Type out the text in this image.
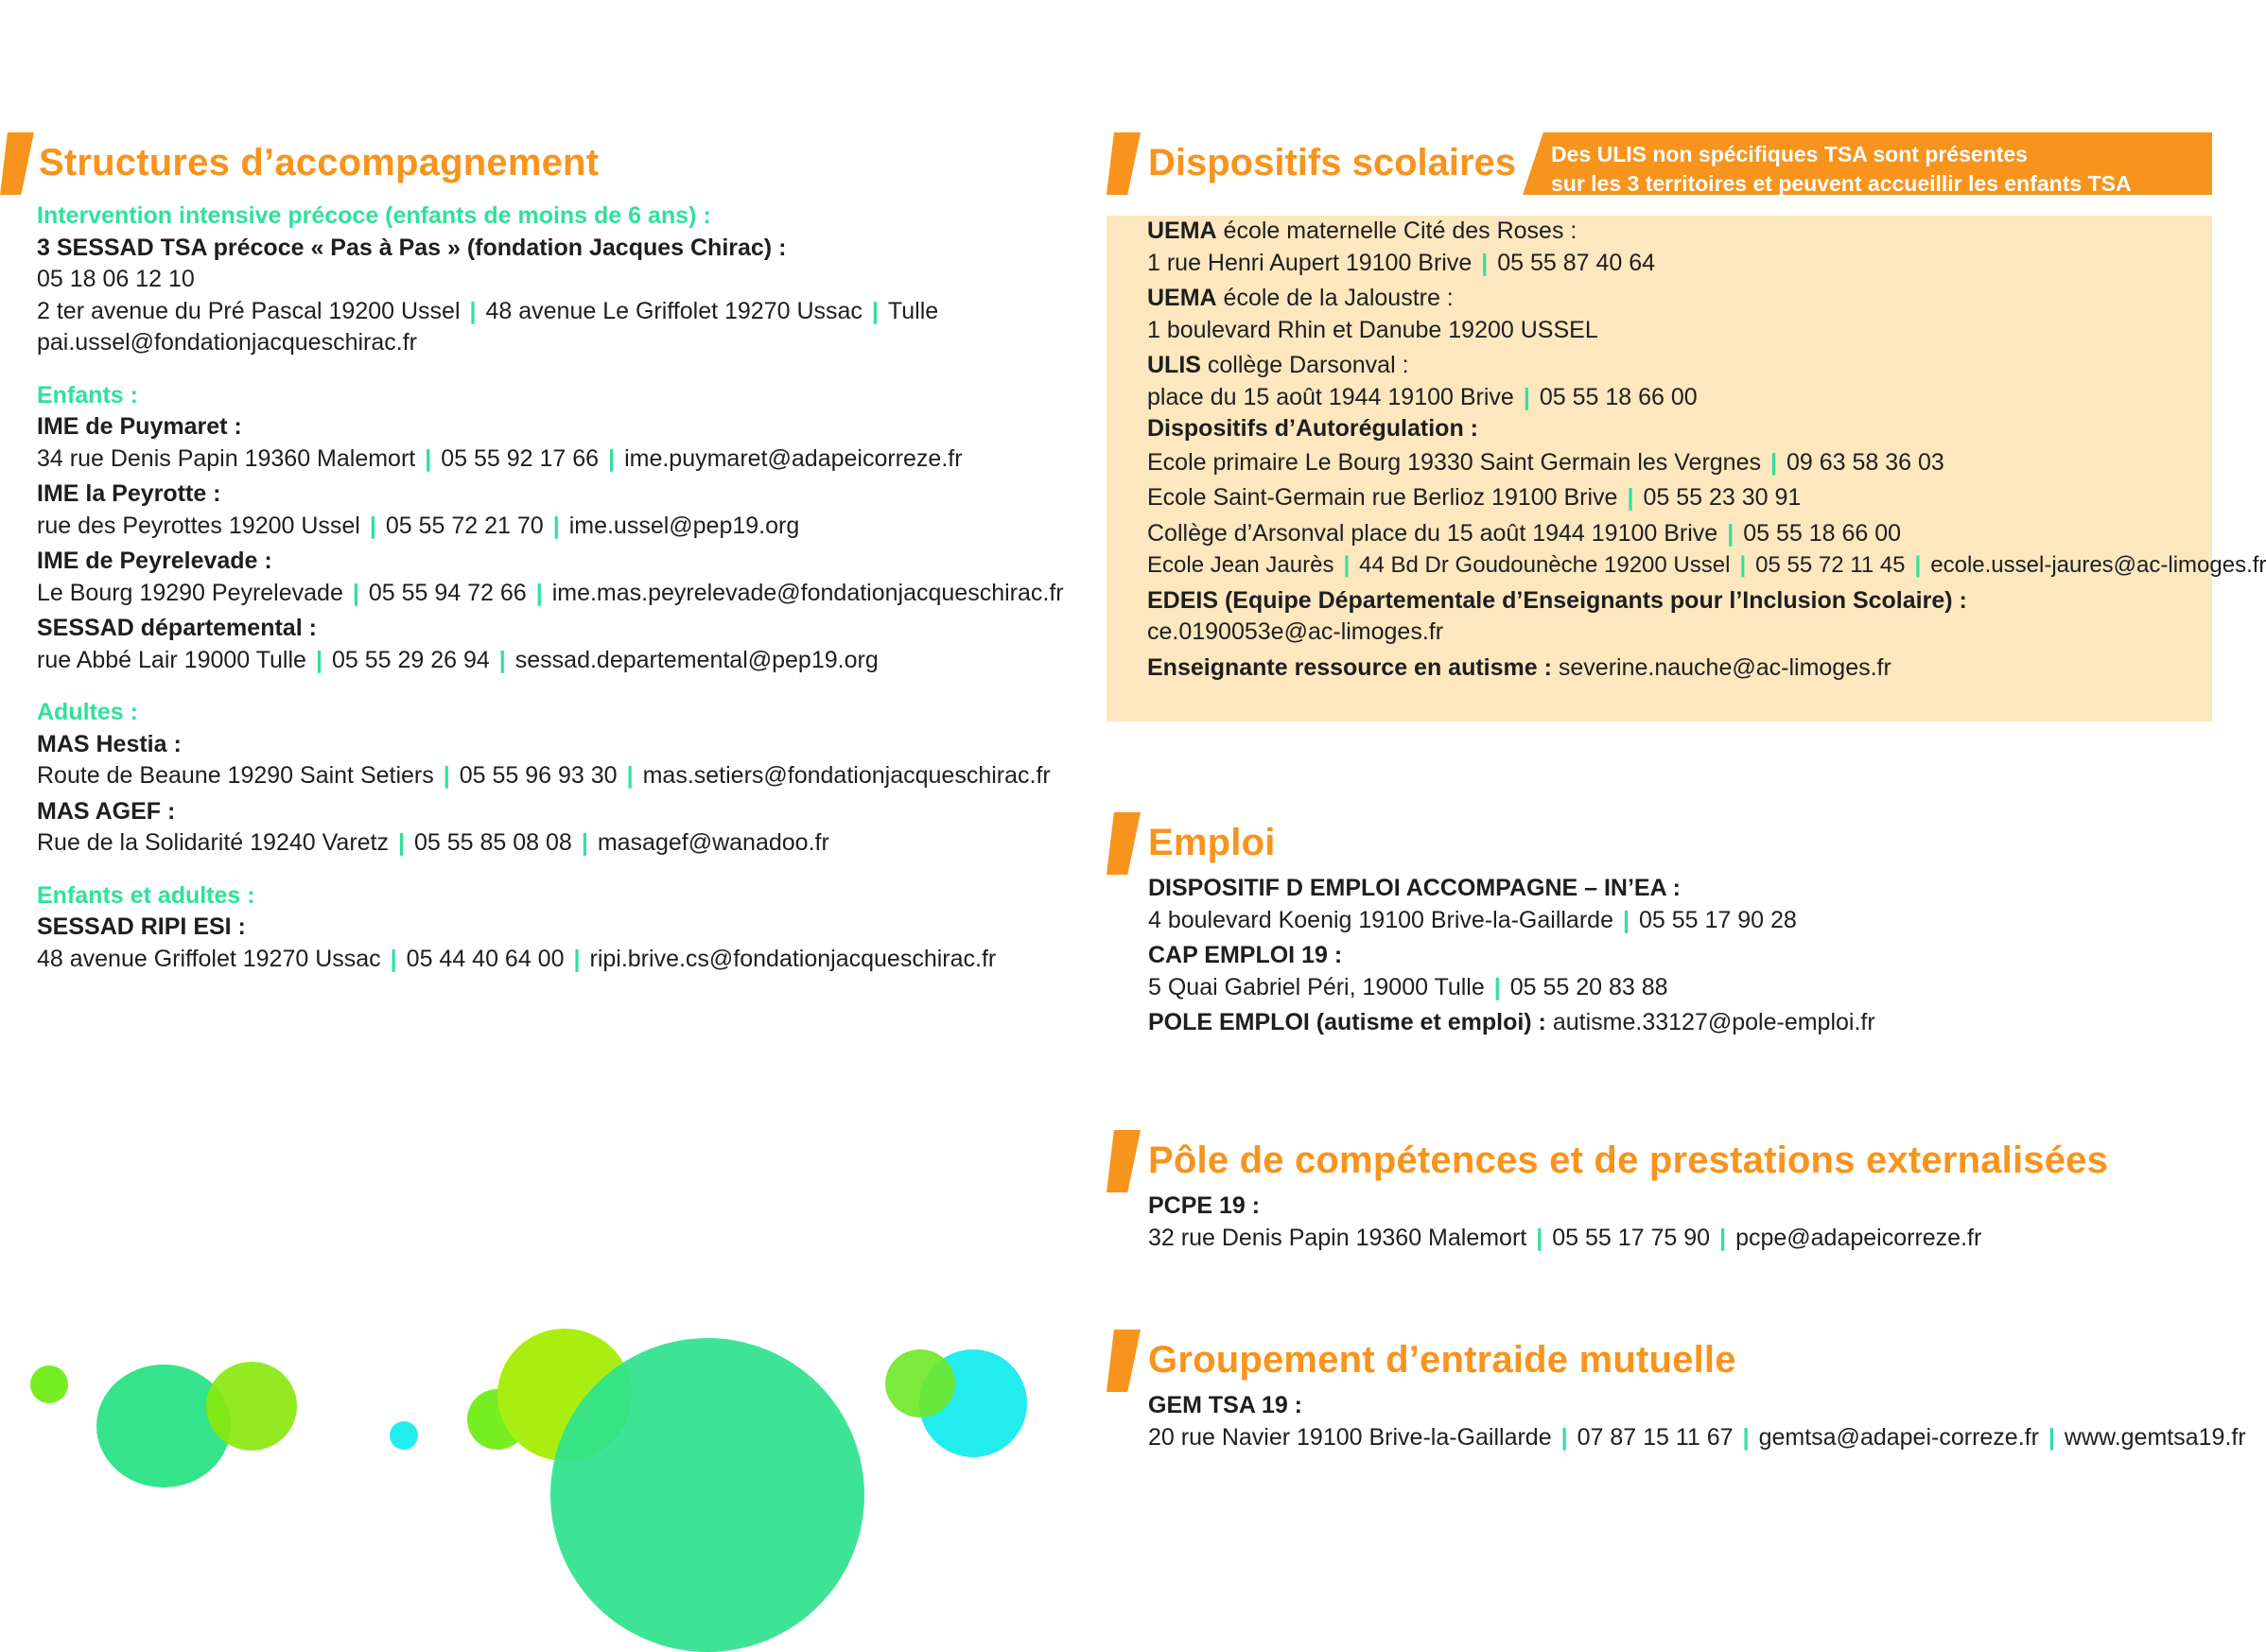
Structures d’accompagnement
Intervention intensive précoce (enfants de moins de 6 ans) :
3 SESSAD TSA précoce « Pas à Pas » (fondation Jacques Chirac) :
05 18 06 12 10
2 ter avenue du Pré Pascal 19200 Ussel | 48 avenue Le Griffolet 19270 Ussac | Tulle
pai.ussel@fondationjacqueschirac.fr
Enfants :
IME de Puymaret :
34 rue Denis Papin 19360 Malemort | 05 55 92 17 66 | ime.puymaret@adapeicorreze.fr
IME la Peyrotte :
rue des Peyrottes 19200 Ussel | 05 55 72 21 70 | ime.ussel@pep19.org
IME de Peyrelevade :
Le Bourg 19290 Peyrelevade | 05 55 94 72 66 | ime.mas.peyrelevade@fondationjacqueschirac.fr
SESSAD départemental :
rue Abbé Lair 19000 Tulle | 05 55 29 26 94 | sessad.departemental@pep19.org
Adultes :
MAS Hestia :
Route de Beaune 19290 Saint Setiers | 05 55 96 93 30 | mas.setiers@fondationjacqueschirac.fr
MAS AGEF :
Rue de la Solidarité 19240 Varetz | 05 55 85 08 08 | masagef@wanadoo.fr
Enfants et adultes :
SESSAD RIPI ESI :
48 avenue Griffolet 19270 Ussac | 05 44 40 64 00 | ripi.brive.cs@fondationjacqueschirac.fr
Des ULIS non spécifiques TSA sont présentes
sur les 3 territoires et peuvent accueillir les enfants TSA
Dispositifs scolaires
UEMA école maternelle Cité des Roses :
1 rue Henri Aupert 19100 Brive | 05 55 87 40 64
UEMA école de la Jaloustre :
1 boulevard Rhin et Danube 19200 USSEL
ULIS collège Darsonval :
place du 15 août 1944 19100 Brive | 05 55 18 66 00
Dispositifs d’Autorégulation :
Ecole primaire Le Bourg 19330 Saint Germain les Vergnes | 09 63 58 36 03
Ecole Saint-Germain rue Berlioz 19100 Brive | 05 55 23 30 91
Collège d’Arsonval place du 15 août 1944 19100 Brive | 05 55 18 66 00
Ecole Jean Jaurès | 44 Bd Dr Goudounèche 19200 Ussel | 05 55 72 11 45 | ecole.ussel-jaures@ac-limoges.fr
EDEIS (Equipe Départementale d’Enseignants pour l’Inclusion Scolaire) :
ce.0190053e@ac-limoges.fr
Enseignante ressource en autisme : severine.nauche@ac-limoges.fr
Emploi
DISPOSITIF D EMPLOI ACCOMPAGNE – IN’EA :
4 boulevard Koenig 19100 Brive-la-Gaillarde | 05 55 17 90 28
CAP EMPLOI 19 :
5 Quai Gabriel Péri, 19000 Tulle | 05 55 20 83 88
POLE EMPLOI (autisme et emploi) : autisme.33127@pole-emploi.fr
Pôle de compétences et de prestations externalisées
PCPE 19 :
32 rue Denis Papin 19360 Malemort | 05 55 17 75 90 | pcpe@adapeicorreze.fr
Groupement d’entraide mutuelle
GEM TSA 19 :
20 rue Navier 19100 Brive-la-Gaillarde | 07 87 15 11 67 | gemtsa@adapei-correze.fr | www.gemtsa19.fr
